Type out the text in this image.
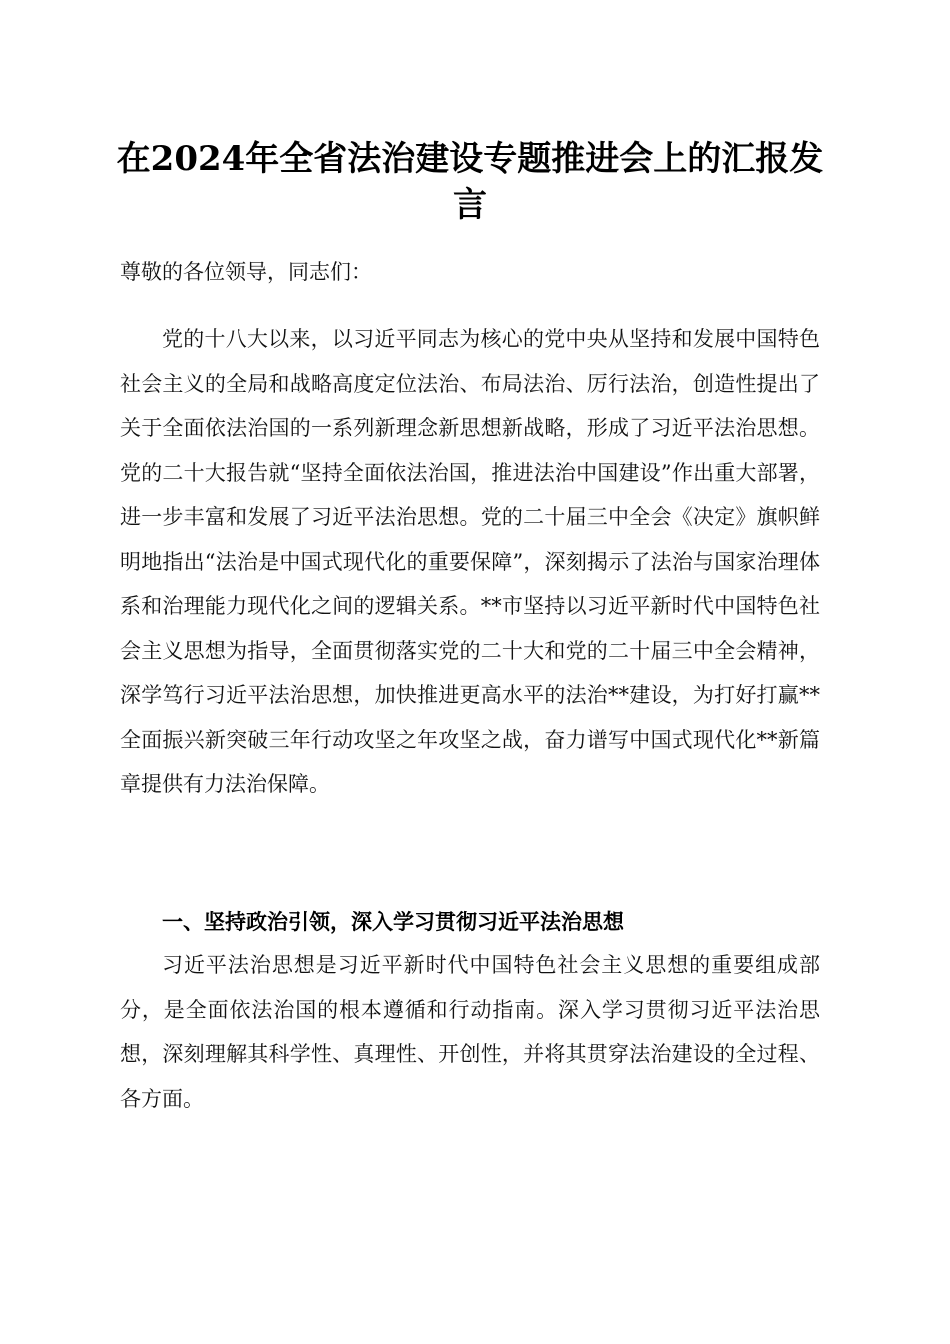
在2024年全省法治建设专题推进会上的汇报发言

尊敬的各位领导，同志们：

党的十八大以来，以习近平同志为核心的党中央从坚持和发展中国特色社会主义的全局和战略高度定位法治、布局法治、厉行法治，创造性提出了关于全面依法治国的一系列新理念新思想新战略，形成了习近平法治思想。党的二十大报告就“坚持全面依法治国，推进法治中国建设”作出重大部署，进一步丰富和发展了习近平法治思想。党的二十届三中全会《决定》旗帜鲜明地指出“法治是中国式现代化的重要保障”，深刻揭示了法治与国家治理体系和治理能力现代化之间的逻辑关系。**市坚持以习近平新时代中国特色社会主义思想为指导，全面贯彻落实党的二十大和党的二十届三中全会精神，深学笃行习近平法治思想，加快推进更高水平的法治**建设，为打好打赢**全面振兴新突破三年行动攻坚之年攻坚之战，奋力谱写中国式现代化**新篇章提供有力法治保障。

一、坚持政治引领，深入学习贯彻习近平法治思想

习近平法治思想是习近平新时代中国特色社会主义思想的重要组成部分，是全面依法治国的根本遵循和行动指南。深入学习贯彻习近平法治思想，深刻理解其科学性、真理性、开创性，并将其贯穿法治建设的全过程、各方面。
